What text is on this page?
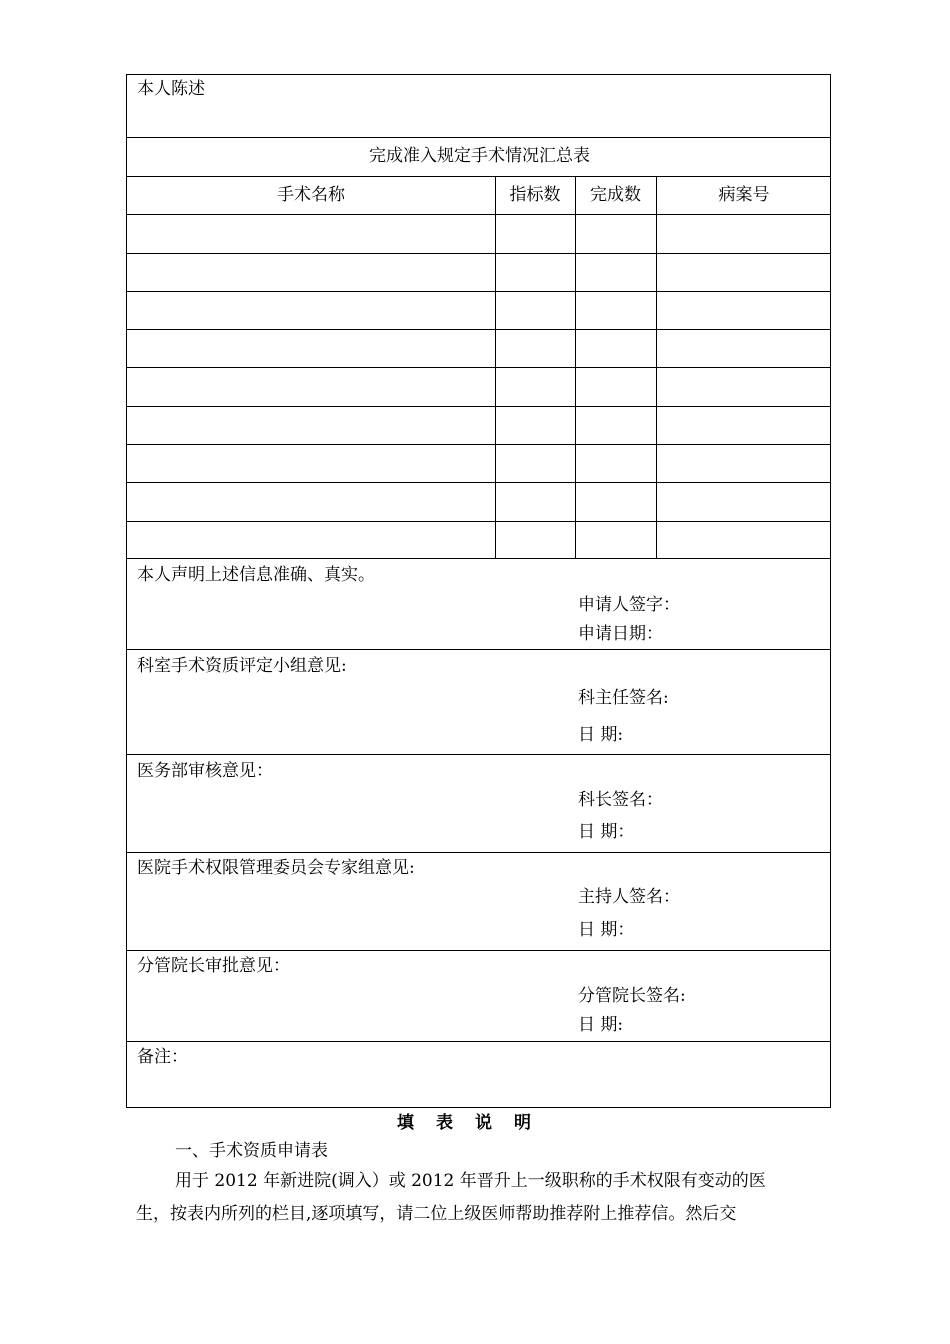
本人陈述
完成准入规定手术情况汇总表
手术名称	指标数	完成数	病案号
本人声明上述信息准确、真实。
申请人签字：
申请日期：
科室手术资质评定小组意见:
科主任签名:
日 期:
医务部审核意见：
科长签名：
日 期：
医院手术权限管理委员会专家组意见:
主持人签名：
日 期：
分管院长审批意见：
分管院长签名:
日 期:
备注：
填表说明
一、手术资质申请表
用于 2012 年新进院(调入）或 2012 年晋升上一级职称的手术权限有变动的医
生，按表内所列的栏目,逐项填写，请二位上级医师帮助推荐附上推荐信。然后交
